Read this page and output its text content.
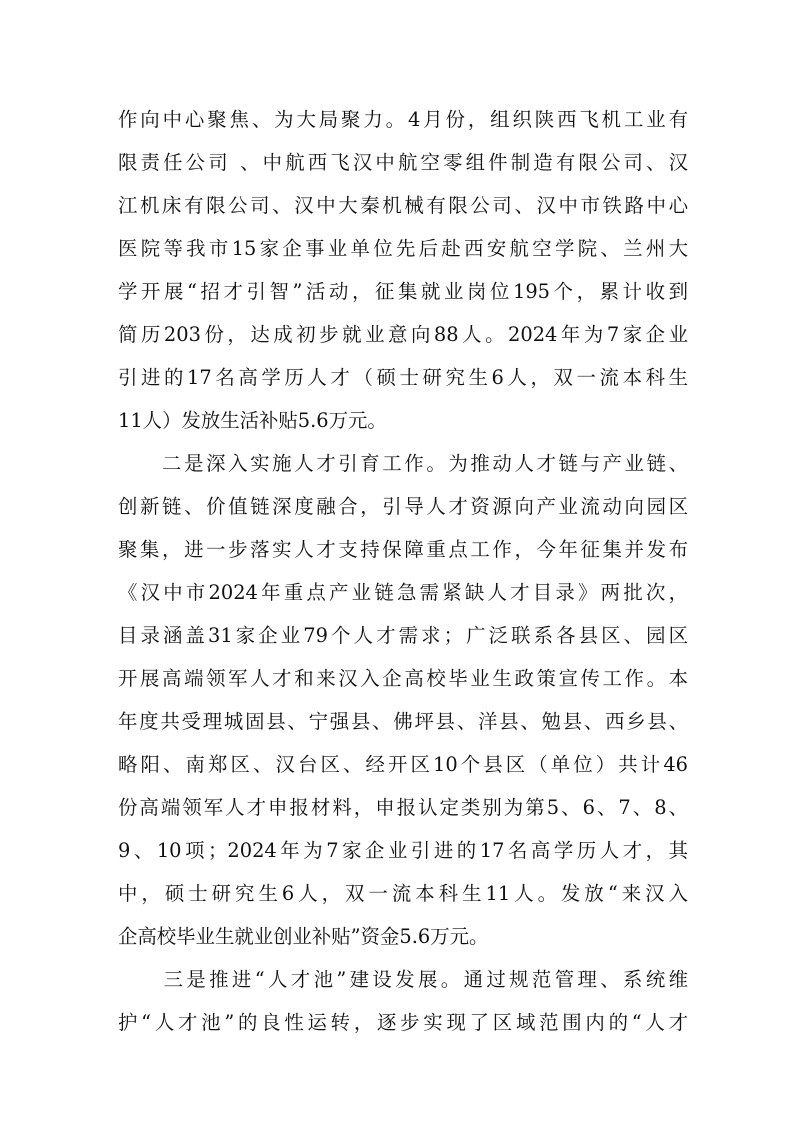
作向中心聚焦、为大局聚力。4月份，组织陕西飞机工业有
限责任公司 、中航西飞汉中航空零组件制造有限公司、汉
江机床有限公司、汉中大秦机械有限公司、汉中市铁路中心
医院等我市15家企事业单位先后赴西安航空学院、兰州大
学开展“招才引智”活动，征集就业岗位195个，累计收到
简历203份，达成初步就业意向88人。2024年为7家企业
引进的17名高学历人才（硕士研究生6人，双一流本科生
11人）发放生活补贴5.6万元。
　　二是深入实施人才引育工作。为推动人才链与产业链、
创新链、价值链深度融合，引导人才资源向产业流动向园区
聚集，进一步落实人才支持保障重点工作，今年征集并发布
《汉中市2024年重点产业链急需紧缺人才目录》两批次，
目录涵盖31家企业79个人才需求；广泛联系各县区、园区
开展高端领军人才和来汉入企高校毕业生政策宣传工作。本
年度共受理城固县、宁强县、佛坪县、洋县、勉县、西乡县、
略阳、南郑区、汉台区、经开区10个县区（单位）共计46
份高端领军人才申报材料，申报认定类别为第5、6、7、8、
9、10项；2024年为7家企业引进的17名高学历人才，其
中，硕士研究生6人，双一流本科生11人。发放“来汉入
企高校毕业生就业创业补贴”资金5.6万元。
　　三是推进“人才池”建设发展。通过规范管理、系统维
护“人才池”的良性运转，逐步实现了区域范围内的“人才
